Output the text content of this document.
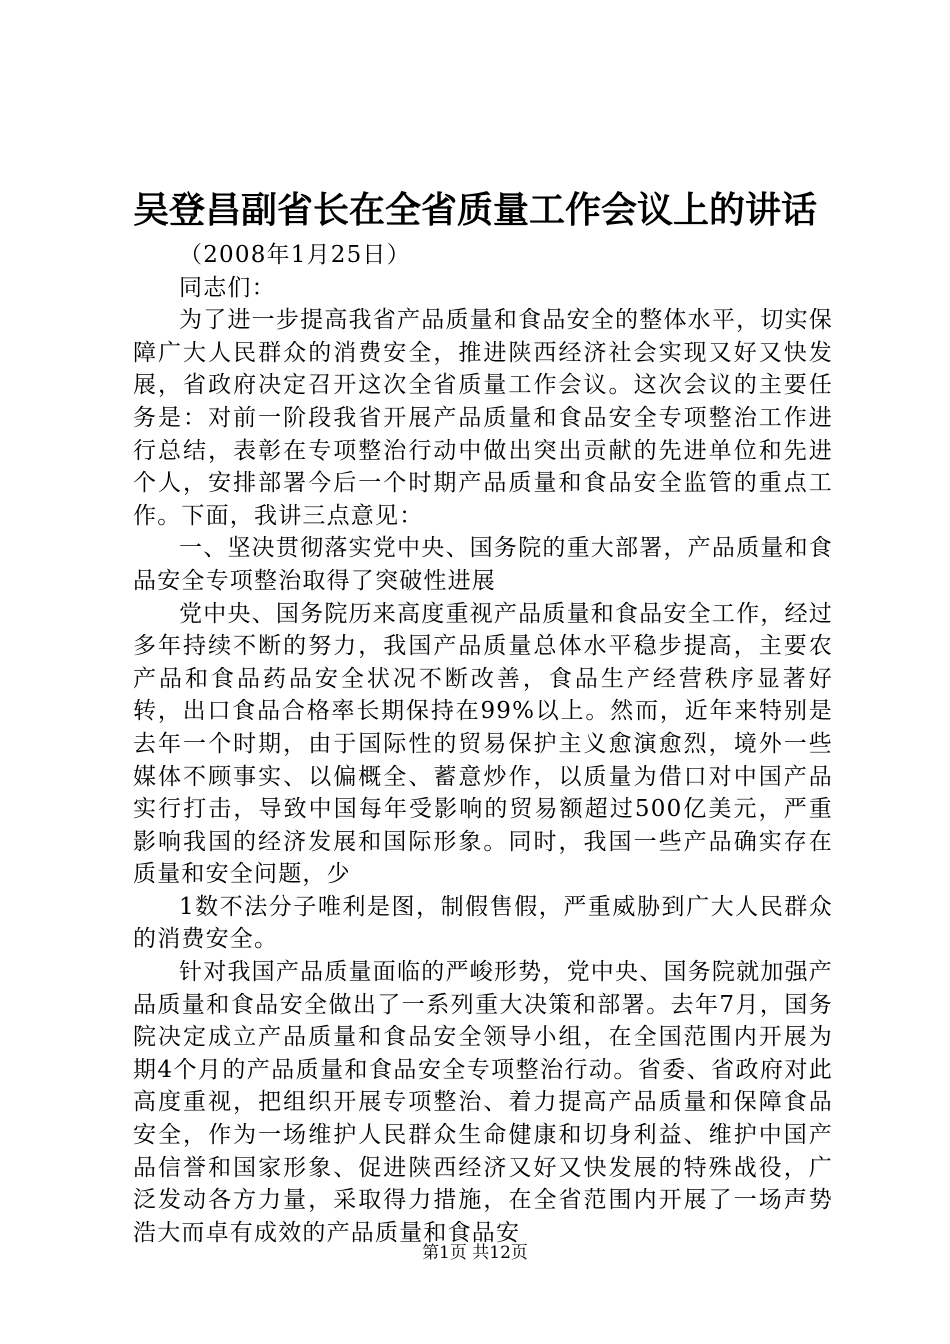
吴登昌副省长在全省质量工作会议上的讲话

（2008年1月25日）

同志们：

为了进一步提高我省产品质量和食品安全的整体水平，切实保障广大人民群众的消费安全，推进陕西经济社会实现又好又快发展，省政府决定召开这次全省质量工作会议。这次会议的主要任务是：对前一阶段我省开展产品质量和食品安全专项整治工作进行总结，表彰在专项整治行动中做出突出贡献的先进单位和先进个人，安排部署今后一个时期产品质量和食品安全监管的重点工作。下面，我讲三点意见：

一、坚决贯彻落实党中央、国务院的重大部署，产品质量和食品安全专项整治取得了突破性进展

党中央、国务院历来高度重视产品质量和食品安全工作，经过多年持续不断的努力，我国产品质量总体水平稳步提高，主要农产品和食品药品安全状况不断改善，食品生产经营秩序显著好转，出口食品合格率长期保持在99%以上。然而，近年来特别是去年一个时期，由于国际性的贸易保护主义愈演愈烈，境外一些媒体不顾事实、以偏概全、蓄意炒作，以质量为借口对中国产品实行打击，导致中国每年受影响的贸易额超过500亿美元，严重影响我国的经济发展和国际形象。同时，我国一些产品确实存在质量和安全问题，少

1数不法分子唯利是图，制假售假，严重威胁到广大人民群众的消费安全。

针对我国产品质量面临的严峻形势，党中央、国务院就加强产品质量和食品安全做出了一系列重大决策和部署。去年7月，国务院决定成立产品质量和食品安全领导小组，在全国范围内开展为期4个月的产品质量和食品安全专项整治行动。省委、省政府对此高度重视，把组织开展专项整治、着力提高产品质量和保障食品安全，作为一场维护人民群众生命健康和切身利益、维护中国产品信誉和国家形象、促进陕西经济又好又快发展的特殊战役，广泛发动各方力量，采取得力措施，在全省范围内开展了一场声势浩大而卓有成效的产品质量和食品安

第1页 共12页
